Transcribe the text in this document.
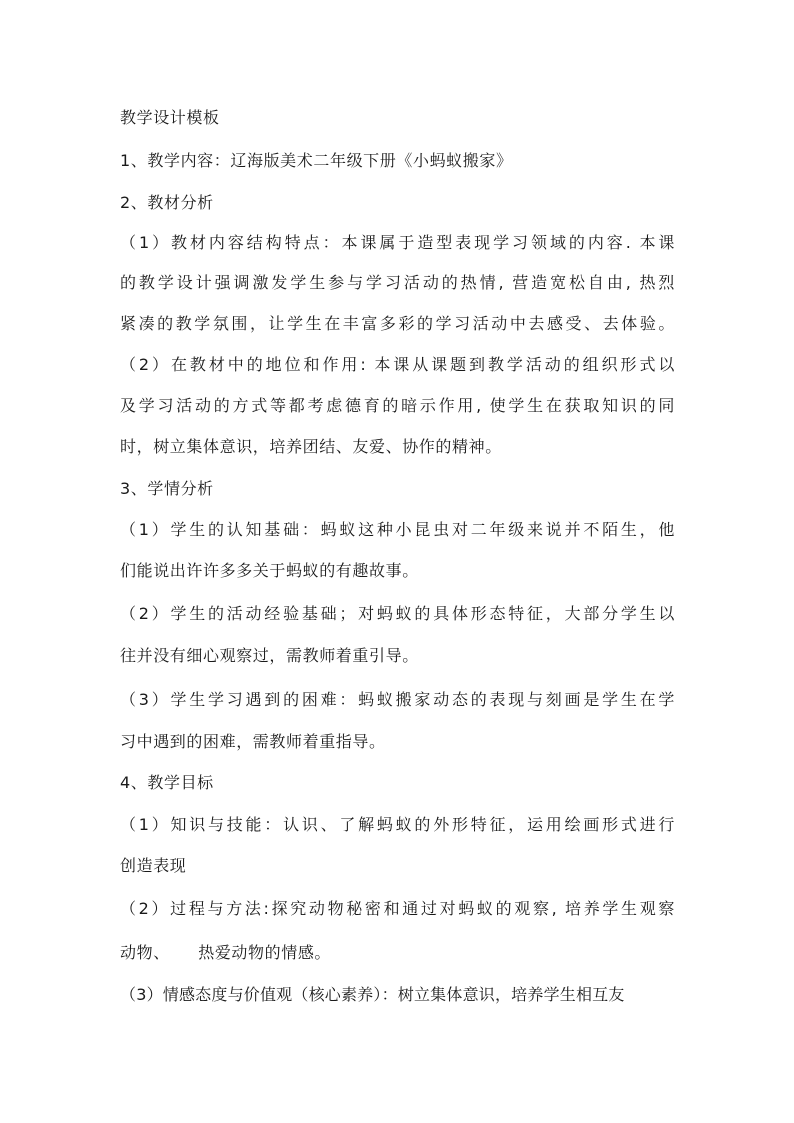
教学设计模板
1、教学内容：辽海版美术二年级下册《小蚂蚁搬家》
2、教材分析
（1）教材内容结构特点：本课属于造型表现学习领域的内容. 本课
的教学设计强调激发学生参与学习活动的热情, 营造宽松自由, 热烈
紧凑的教学氛围，让学生在丰富多彩的学习活动中去感受、去体验。
（2）在教材中的地位和作用: 本课从课题到教学活动的组织形式以
及学习活动的方式等都考虑德育的暗示作用, 使学生在获取知识的同
时，树立集体意识，培养团结、友爱、协作的精神。
3、学情分析
（1）学生的认知基础：蚂蚁这种小昆虫对二年级来说并不陌生，他
们能说出许许多多关于蚂蚁的有趣故事。
（2）学生的活动经验基础；对蚂蚁的具体形态特征，大部分学生以
往并没有细心观察过，需教师着重引导。
（3）学生学习遇到的困难：蚂蚁搬家动态的表现与刻画是学生在学
习中遇到的困难，需教师着重指导。
4、教学目标
（1）知识与技能：认识、了解蚂蚁的外形特征，运用绘画形式进行
创造表现
（2）过程与方法:探究动物秘密和通过对蚂蚁的观察, 培养学生观察
动物、     热爱动物的情感。
（3）情感态度与价值观（核心素养）：树立集体意识，培养学生相互友
